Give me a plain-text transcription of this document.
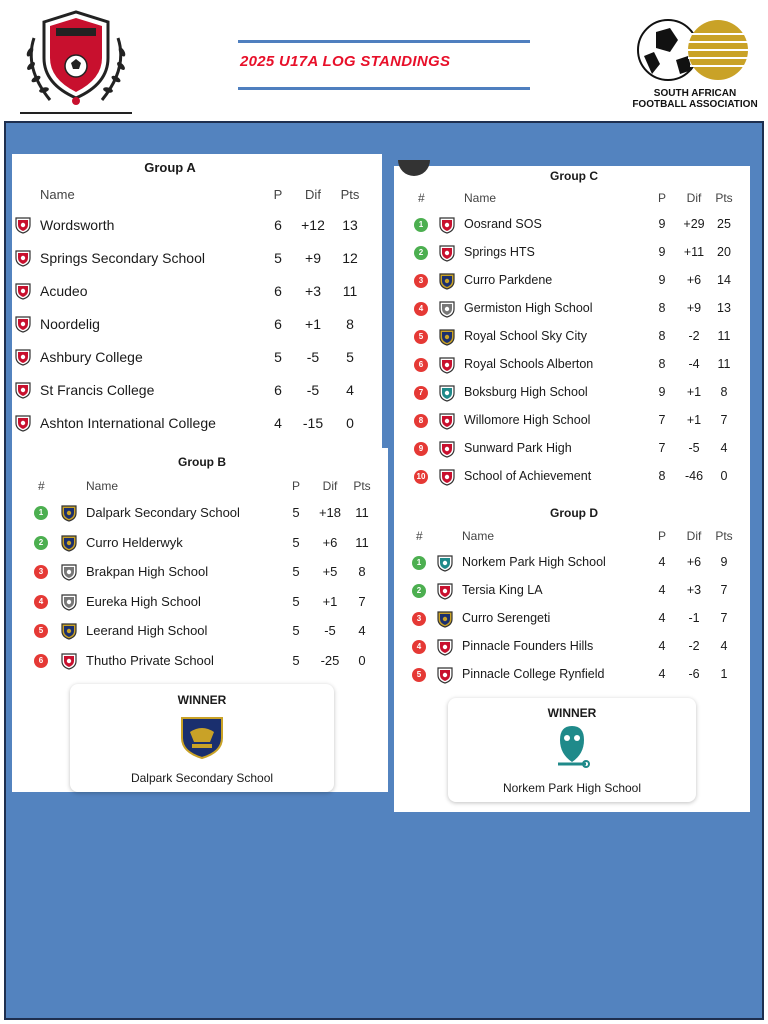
2025 U17A LOG STANDINGS
SOUTH AFRICAN
FOOTBALL ASSOCIATION
Group A
Name	P	Dif	Pts
Wordsworth	6	+12	13
Springs Secondary School	5	+9	12
Acudeo	6	+3	11
Noordelig	6	+1	8
Ashbury College	5	-5	5
St Francis College	6	-5	4
Ashton International College	4	-15	0
Group B
#	Name	P	Dif	Pts
1	Dalpark Secondary School	5	+18	11
2	Curro Helderwyk	5	+6	11
3	Brakpan High School	5	+5	8
4	Eureka High School	5	+1	7
5	Leerand High School	5	-5	4
6	Thutho Private School	5	-25	0
WINNER
Dalpark Secondary School
Group C
#	Name	P	Dif	Pts
1	Oosrand SOS	9	+29 25
2	Springs HTS	9	+11	20
3	Curro Parkdene	9	+6	14
4	Germiston High School	8	+9	13
5	Royal School Sky City	8	-2	11
6	Royal Schools Alberton	8	-4	11
7	Boksburg High School	9	+1	8
8	Willomore High School	7	+1	7
9	Sunward Park High	7	-5	4
10	School of Achievement	8	-46	0
Group D
#	Name	P	Dif	Pts
1	Norkem Park High School	4	+6	9
2	Tersia King LA	4	+3	7
3	Curro Serengeti	4	-1	7
4	Pinnacle Founders Hills	4	-2	4
5	Pinnacle College Rynfield	4	-6	1
WINNER
Norkem Park High School
